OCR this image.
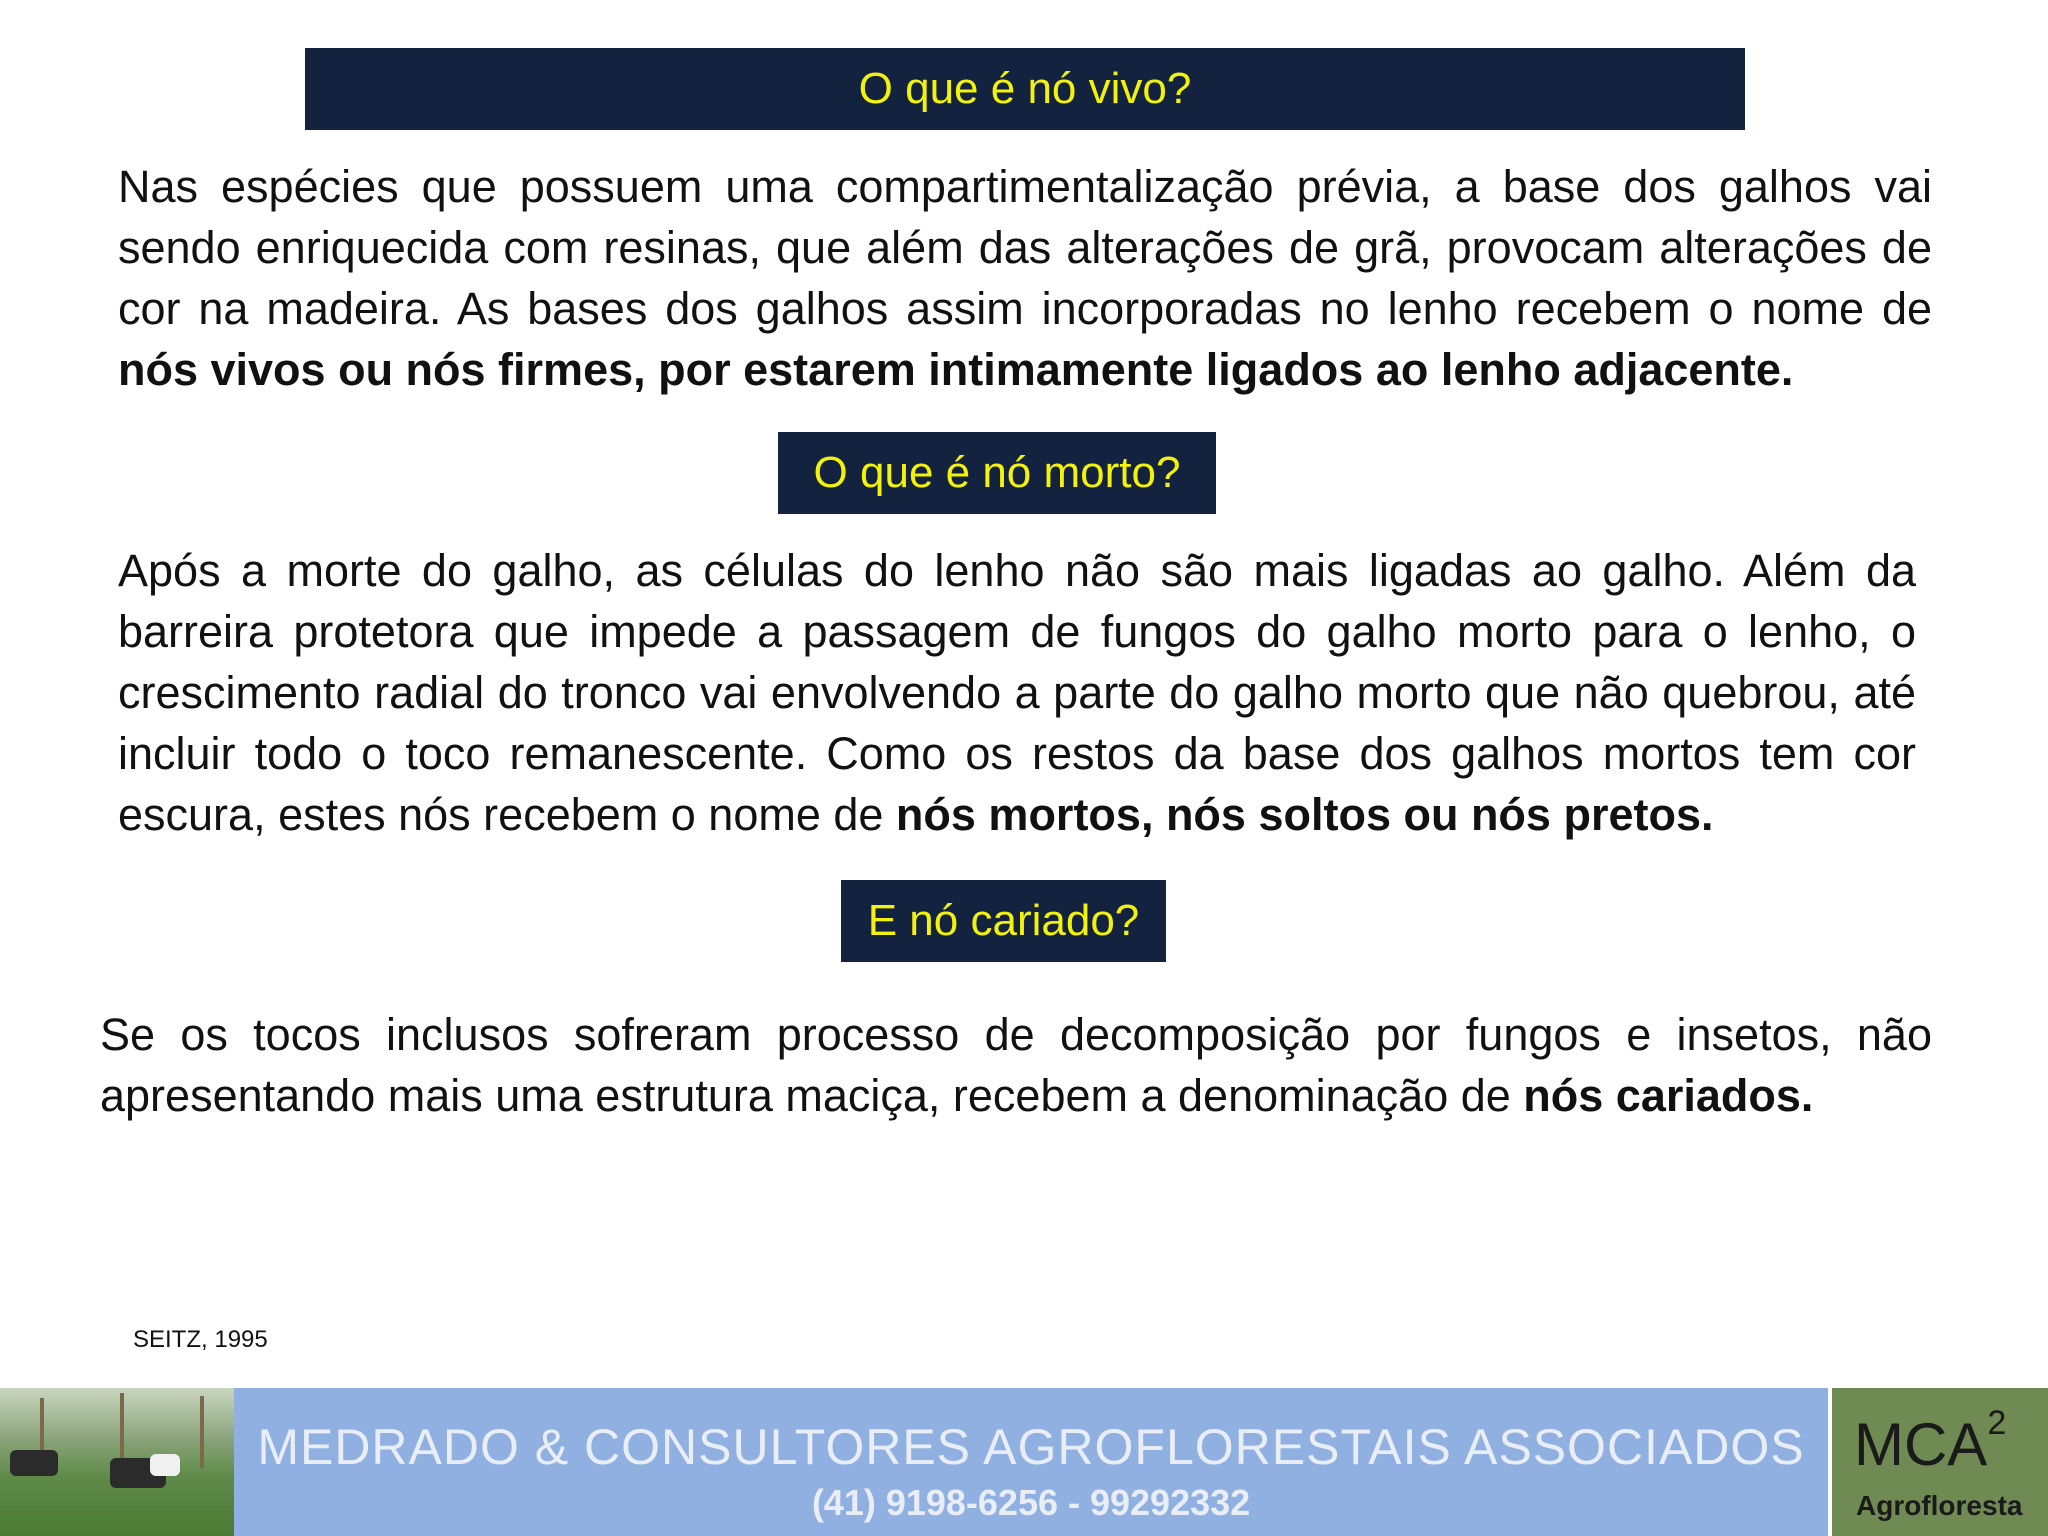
O que é nó vivo?

Nas espécies que possuem uma compartimentalização prévia, a base dos galhos vai sendo enriquecida com resinas, que além das alterações de grã, provocam alterações de cor na madeira. As bases dos galhos assim incorporadas no lenho recebem o nome de nós vivos ou nós firmes, por estarem intimamente ligados ao lenho adjacente.

O que é nó morto?

Após a morte do galho, as células do lenho não são mais ligadas ao galho. Além da barreira protetora que impede a passagem de fungos do galho morto para o lenho, o crescimento radial do tronco vai envolvendo a parte do galho morto que não quebrou, até incluir todo o toco remanescente. Como os restos da base dos galhos mortos tem cor escura, estes nós recebem o nome de nós mortos, nós soltos ou nós pretos.

E nó cariado?

Se os tocos inclusos sofreram processo de decomposição por fungos e insetos, não apresentando mais uma estrutura maciça, recebem a denominação de nós cariados.

SEITZ, 1995
MEDRADO & CONSULTORES AGROFLORESTAIS ASSOCIADOS
(41) 9198-6256 - 99292332
MCA$^2$
Agrofloresta
